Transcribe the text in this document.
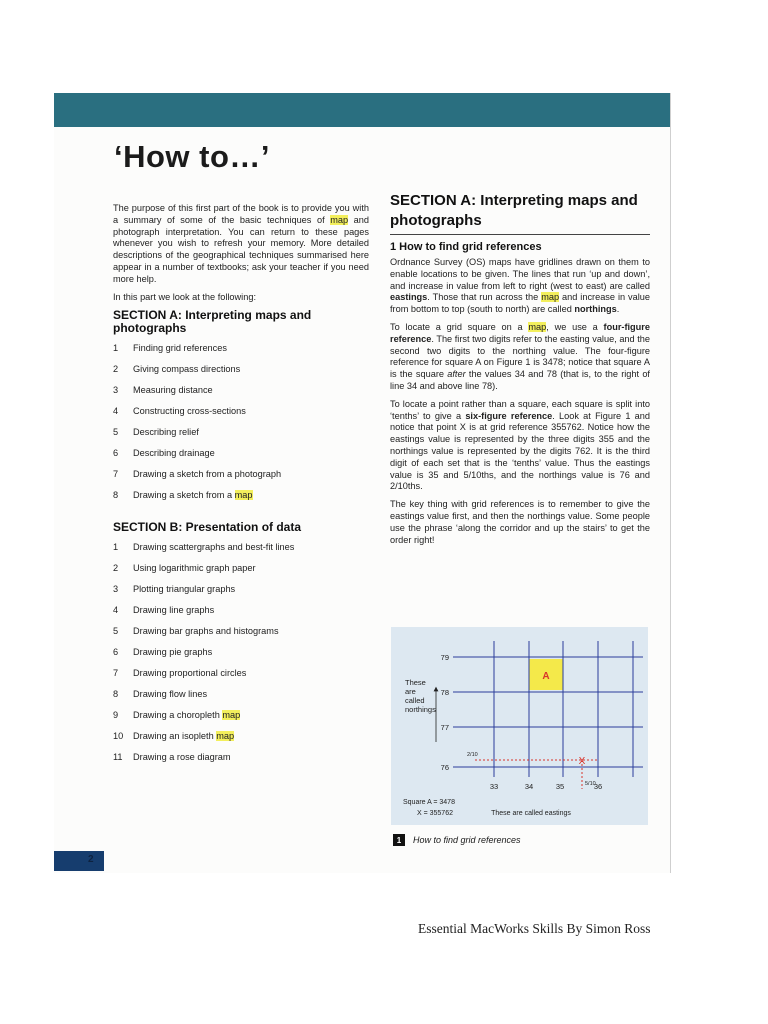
‘How to…’

The purpose of this first part of the book is to provide you with a summary of some of the basic techniques of map and photograph interpretation. You can return to these pages whenever you wish to refresh your memory. More detailed descriptions of the geographical techniques summarised here appear in a number of textbooks; ask your teacher if you need more help.

In this part we look at the following:

SECTION A: Interpreting maps and photographs
1	Finding grid references
2	Giving compass directions
3	Measuring distance
4	Constructing cross-sections
5	Describing relief
6	Describing drainage
7	Drawing a sketch from a photograph
8	Drawing a sketch from a map
SECTION B: Presentation of data
1	Drawing scattergraphs and best-fit lines
2	Using logarithmic graph paper
3	Plotting triangular graphs
4	Drawing line graphs
5	Drawing bar graphs and histograms
6	Drawing pie graphs
7	Drawing proportional circles
8	Drawing flow lines
9	Drawing a choropleth map
10	Drawing an isopleth map
11	Drawing a rose diagram
SECTION A: Interpreting maps and photographs
1 How to find grid references

Ordnance Survey (OS) maps have gridlines drawn on them to enable locations to be given. The lines that run ‘up and down’, and increase in value from left to right (west to east) are called eastings. Those that run across the map and increase in value from bottom to top (south to north) are called northings.

To locate a grid square on a map, we use a four-figure reference. The first two digits refer to the easting value, and the second two digits to the northing value. The four-figure reference for square A on Figure 1 is 3478; notice that square A is the square after the values 34 and 78 (that is, to the right of line 34 and above line 78).

To locate a point rather than a square, each square is split into ‘tenths’ to give a six-figure reference. Look at Figure 1 and notice that point X is at grid reference 355762. Notice how the eastings value is represented by the three digits 355 and the northings value is represented by the digits 762. It is the third digit of each set that is the ‘tenths’ value. Thus the eastings value is 35 and 5/10ths, and the northings value is 76 and 2/10ths.

The key thing with grid references is to remember to give the eastings value first, and then the northings value. Some people use the phrase ‘along the corridor and up the stairs’ to get the order right!

A
X
2/10
5/10
These
are
called
northings
79
78
77
76
33	34	35	36
Square A = 3478
X = 355762	These are called eastings
1	How to find grid references
2
Essential MacWorks Skills By Simon Ross
